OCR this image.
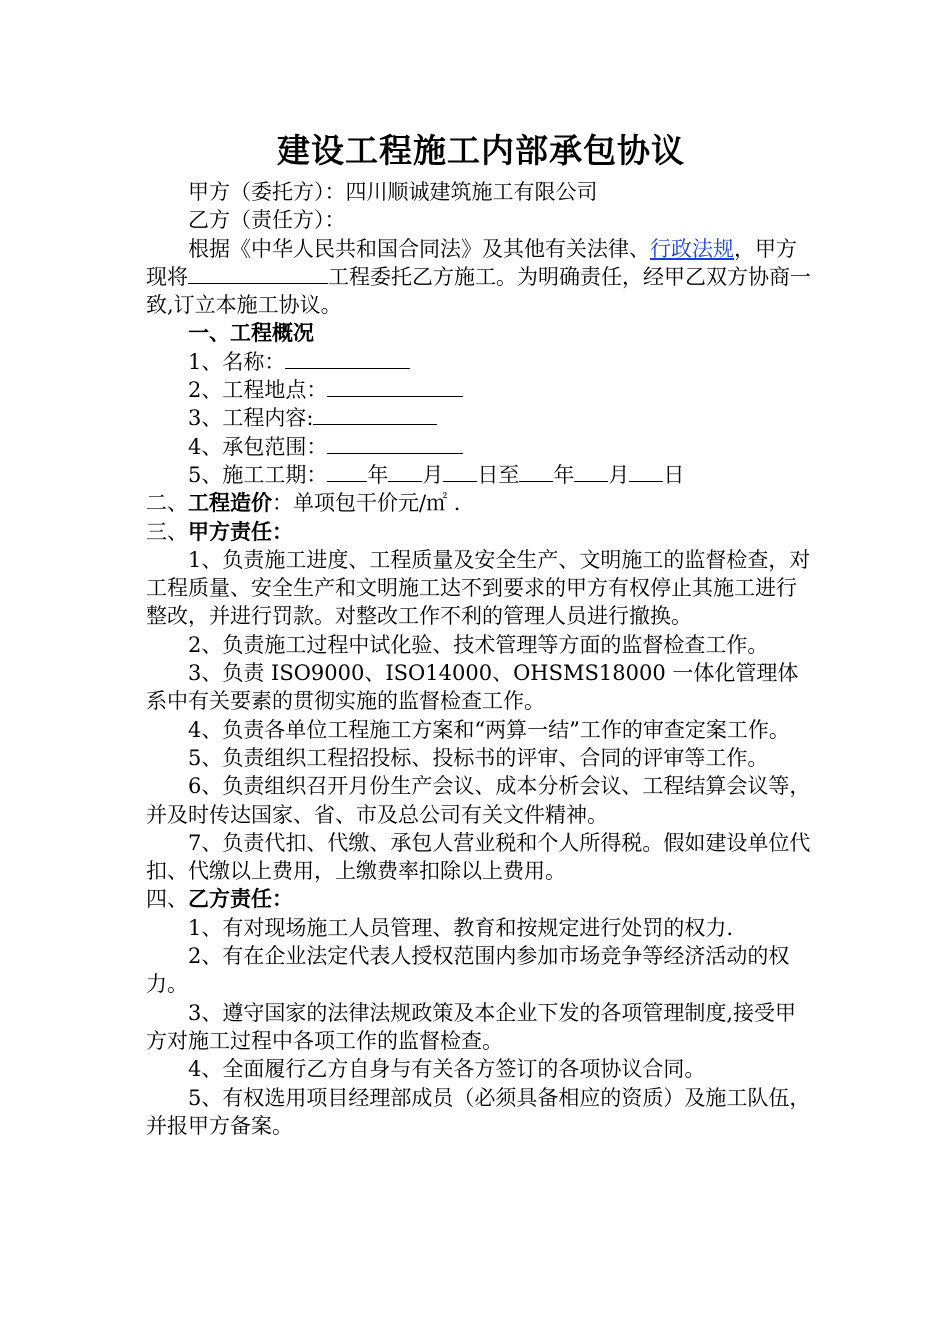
建设工程施工内部承包协议

甲方（委托方）：四川顺诚建筑施工有限公司

乙方（责任方）：

根据《中华人民共和国合同法》及其他有关法律、行政法规，甲方现将	工程委托乙方施工。为明确责任，经甲乙双方协商一致,订立本施工协议。

一、工程概况

1、名称：

2、工程地点：

3、工程内容:

4、承包范围：

5、施工工期： 年 月 日至 年 月 日

二、工程造价：单项包干价元/㎡ .

三、甲方责任：

1、负责施工进度、工程质量及安全生产、文明施工的监督检查，对工程质量、安全生产和文明施工达不到要求的甲方有权停止其施工进行整改，并进行罚款。对整改工作不利的管理人员进行撤换。

2、负责施工过程中试化验、技术管理等方面的监督检查工作。

3、负责 ISO9000、ISO14000、OHSMS18000 一体化管理体系中有关要素的贯彻实施的监督检查工作。

4、负责各单位工程施工方案和“两算一结”工作的审查定案工作。

5、负责组织工程招投标、投标书的评审、合同的评审等工作。

6、负责组织召开月份生产会议、成本分析会议、工程结算会议等，并及时传达国家、省、市及总公司有关文件精神。

7、负责代扣、代缴、承包人营业税和个人所得税。假如建设单位代扣、代缴以上费用，上缴费率扣除以上费用。

四、乙方责任：

1、有对现场施工人员管理、教育和按规定进行处罚的权力.

2、有在企业法定代表人授权范围内参加市场竞争等经济活动的权力。

3、遵守国家的法律法规政策及本企业下发的各项管理制度,接受甲方对施工过程中各项工作的监督检查。

4、全面履行乙方自身与有关各方签订的各项协议合同。

5、有权选用项目经理部成员（必须具备相应的资质）及施工队伍，并报甲方备案。
